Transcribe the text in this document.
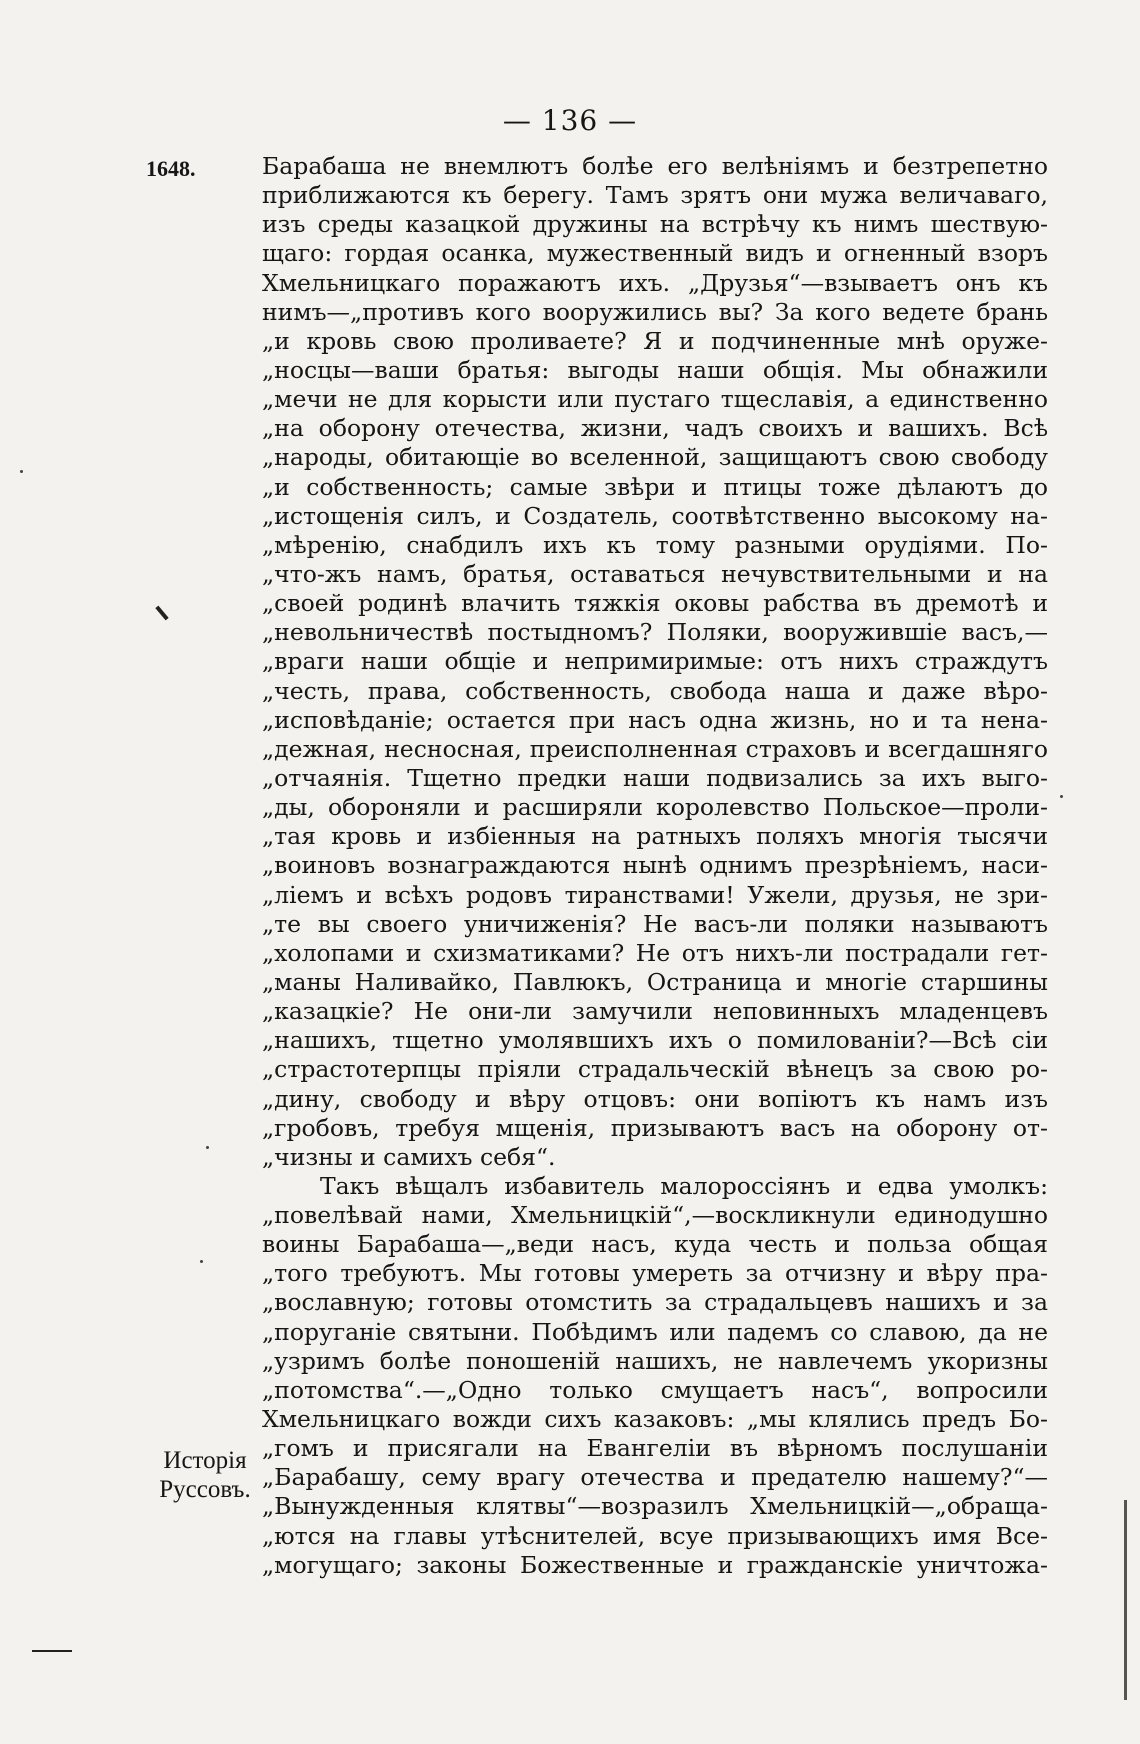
— 136 —
1648.
Исторія
Руссовъ.
Барабаша не внемлютъ болѣе его велѣніямъ и безтрепетно
приближаются къ берегу. Тамъ зрятъ они мужа величаваго,
изъ среды казацкой дружины на встрѣчу къ нимъ шествую-
щаго: гордая осанка, мужественный видъ и огненный взоръ
Хмельницкаго поражаютъ ихъ. „Друзья“—взываетъ онъ къ
нимъ—„противъ кого вооружились вы? За кого ведете брань
„и кровь свою проливаете? Я и подчиненные мнѣ оруже-
„носцы—ваши братья: выгоды наши общія. Мы обнажили
„мечи не для корысти или пустаго тщеславія, а единственно
„на оборону отечества, жизни, чадъ своихъ и вашихъ. Всѣ
„народы, обитающіе во вселенной, защищаютъ свою свободу
„и собственность; самые звѣри и птицы тоже дѣлаютъ до
„истощенія силъ, и Создатель, соотвѣтственно высокому на-
„мѣренію, снабдилъ ихъ къ тому разными орудіями. По-
„что-жъ намъ, братья, оставаться нечувствительными и на
„своей родинѣ влачить тяжкія оковы рабства въ дремотѣ и
„невольничествѣ постыдномъ? Поляки, вооружившіе васъ,—
„враги наши общіе и непримиримые: отъ нихъ страждутъ
„честь, права, собственность, свобода наша и даже вѣро-
„исповѣданіе; остается при насъ одна жизнь, но и та нена-
„дежная, несносная, преисполненная страховъ и всегдашняго
„отчаянія. Тщетно предки наши подвизались за ихъ выго-
„ды, обороняли и расширяли королевство Польское—проли-
„тая кровь и избіенныя на ратныхъ поляхъ многія тысячи
„воиновъ вознаграждаются нынѣ однимъ презрѣніемъ, наси-
„ліемъ и всѣхъ родовъ тиранствами! Ужели, друзья, не зри-
„те вы своего уничиженія? Не васъ-ли поляки называютъ
„холопами и схизматиками? Не отъ нихъ-ли пострадали гет-
„маны Наливайко, Павлюкъ, Остраница и многіе старшины
„казацкіе? Не они-ли замучили неповинныхъ младенцевъ
„нашихъ, тщетно умолявшихъ ихъ о помилованіи?—Всѣ сіи
„страстотерпцы пріяли страдальческій вѣнецъ за свою ро-
„дину, свободу и вѣру отцовъ: они вопіютъ къ намъ изъ
„гробовъ, требуя мщенія, призываютъ васъ на оборону от-
„чизны и самихъ себя“.
Такъ вѣщалъ избавитель малороссіянъ и едва умолкъ:
„повелѣвай нами, Хмельницкій“,—воскликнули единодушно
воины Барабаша—„веди насъ, куда честь и польза общая
„того требуютъ. Мы готовы умереть за отчизну и вѣру пра-
„вославную; готовы отомстить за страдальцевъ нашихъ и за
„поруганіе святыни. Побѣдимъ или падемъ со славою, да не
„узримъ болѣе поношеній нашихъ, не навлечемъ укоризны
„потомства“.—„Одно только смущаетъ насъ“, вопросили
Хмельницкаго вожди сихъ казаковъ: „мы клялись предъ Бо-
„гомъ и присягали на Евангеліи въ вѣрномъ послушаніи
„Барабашу, сему врагу отечества и предателю нашему?“—
„Вынужденныя клятвы“—возразилъ Хмельницкій—„обраща-
„ются на главы утѣснителей, всуе призывающихъ имя Все-
„могущаго; законы Божественные и гражданскіе уничтожа-
